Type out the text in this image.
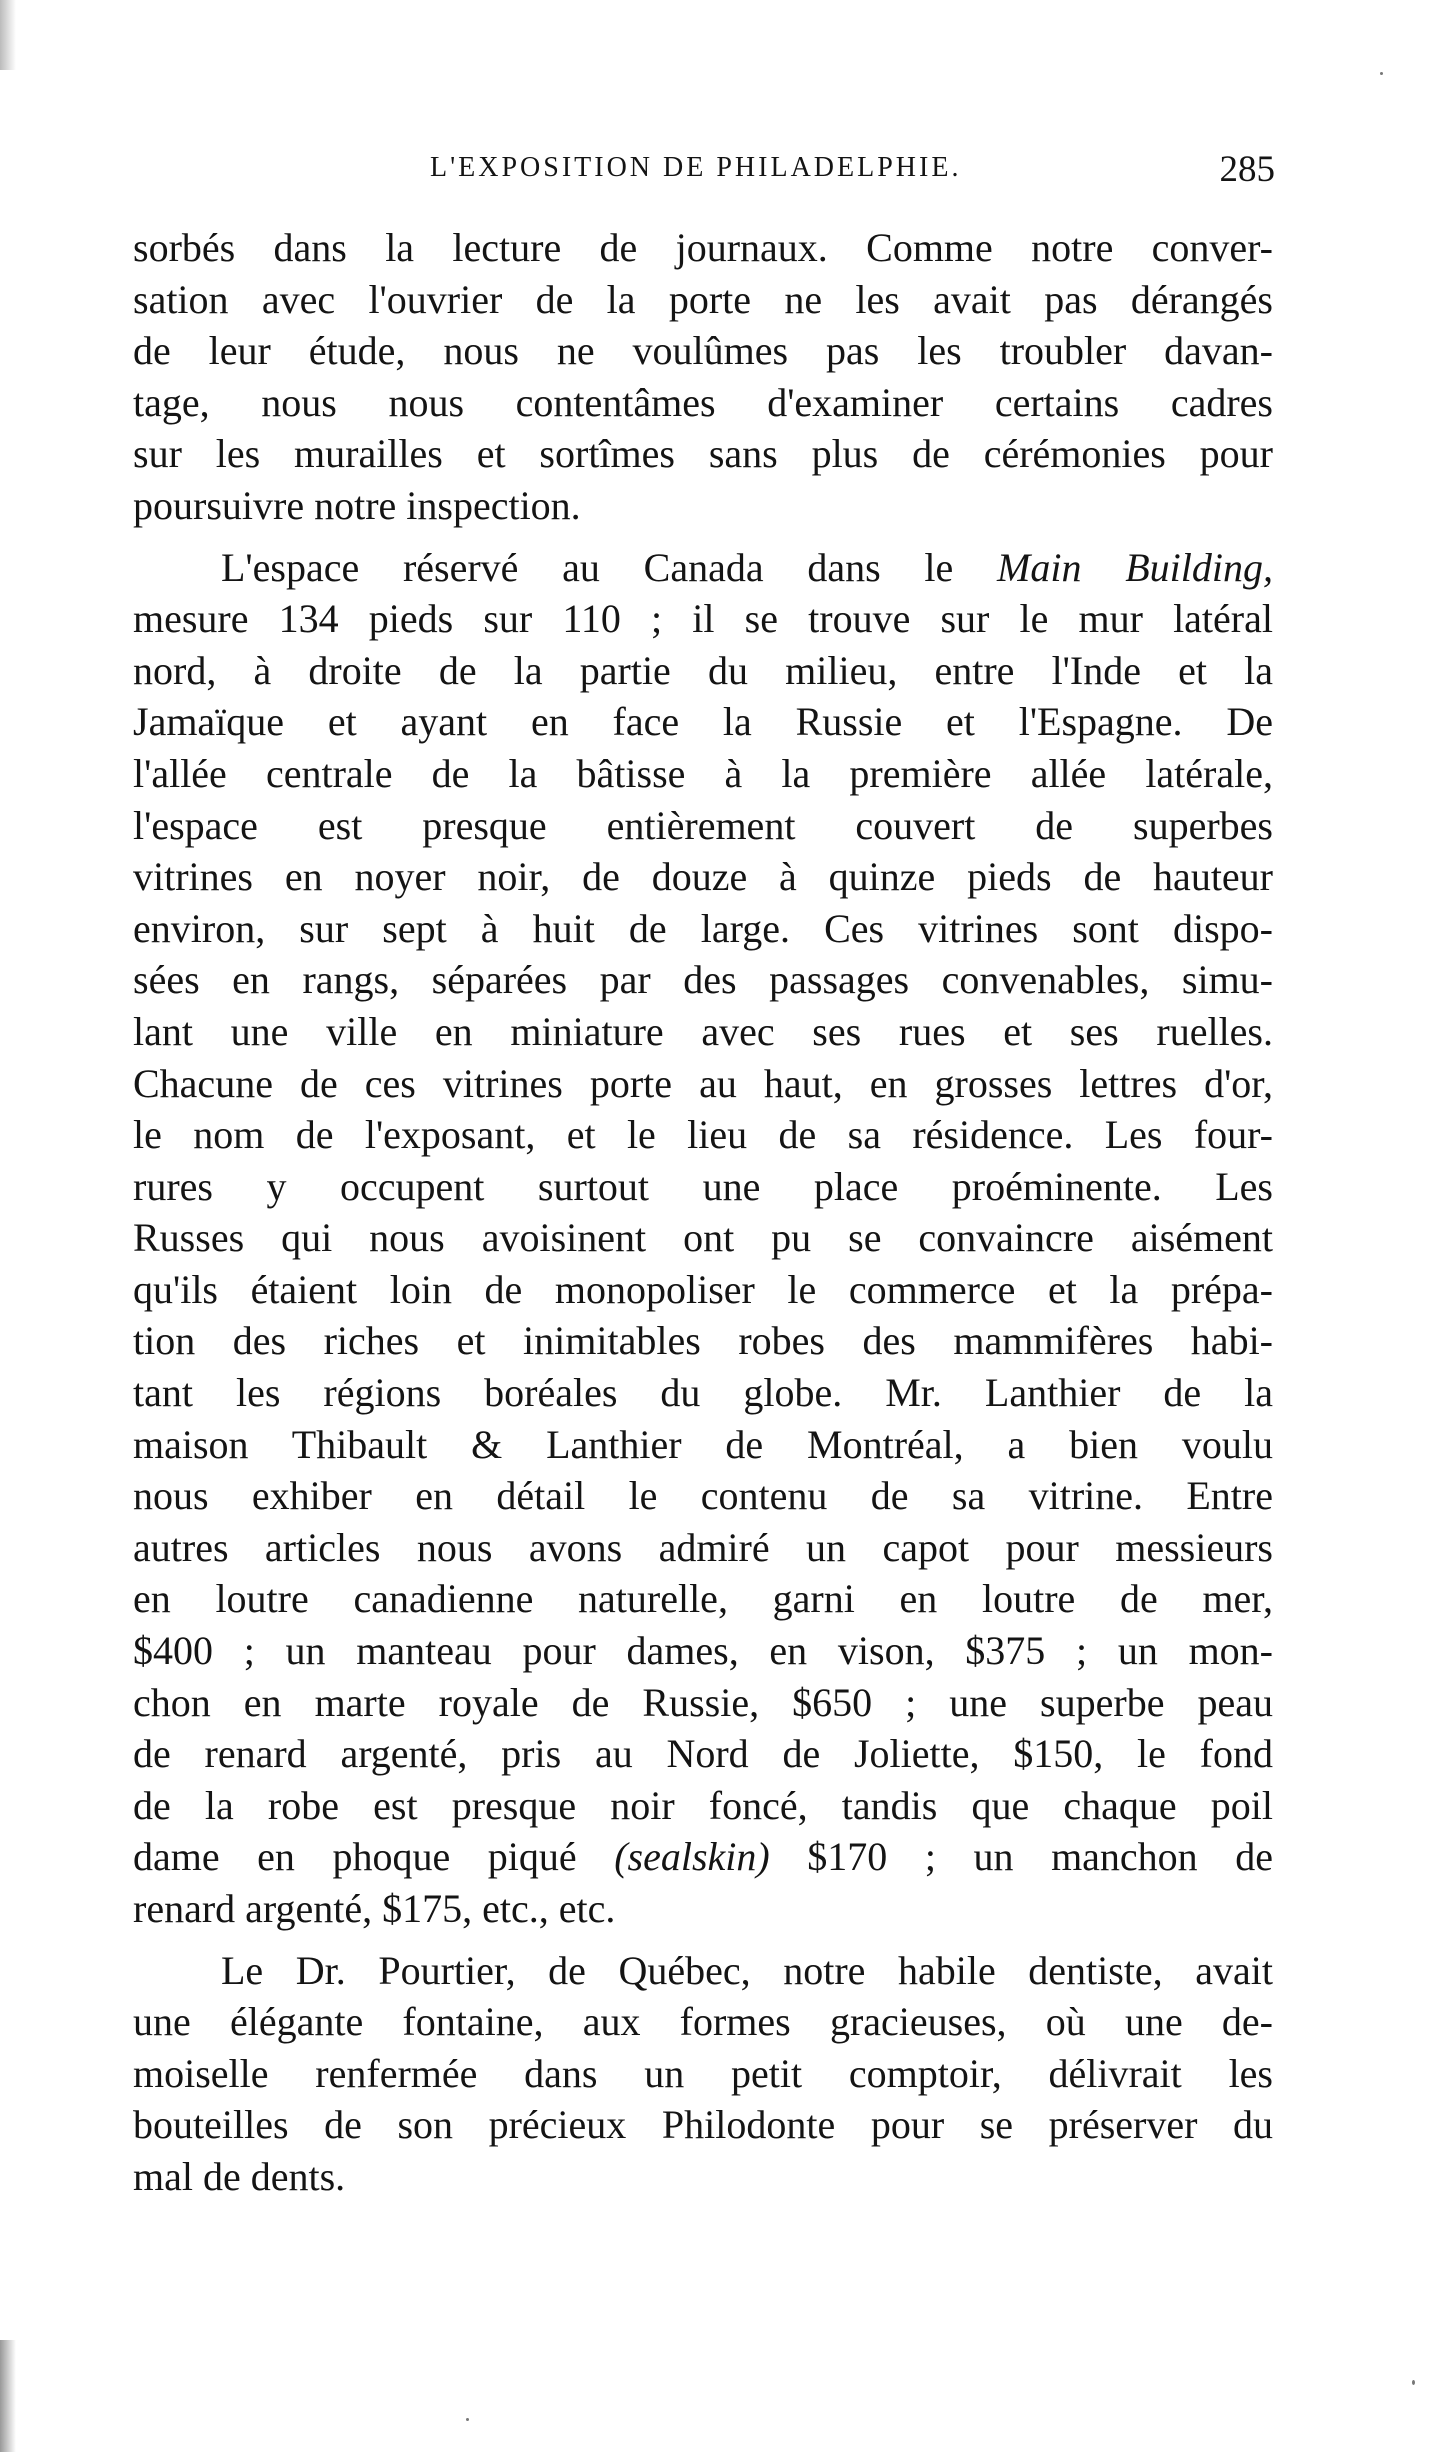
L'EXPOSITION DE PHILADELPHIE.	285
sorbés dans la lecture de journaux. Comme notre conver-
sation avec l'ouvrier de la porte ne les avait pas dérangés
de leur étude, nous ne voulûmes pas les troubler davan-
tage, nous nous contentâmes d'examiner certains cadres
sur les murailles et sortîmes sans plus de cérémonies pour
poursuivre notre inspection.
L'espace réservé au Canada dans le Main Building,
mesure 134 pieds sur 110 ; il se trouve sur le mur latéral
nord, à droite de la partie du milieu, entre l'Inde et la
Jamaïque et ayant en face la Russie et l'Espagne. De
l'allée centrale de la bâtisse à la première allée latérale,
l'espace est presque entièrement couvert de superbes
vitrines en noyer noir, de douze à quinze pieds de hauteur
environ, sur sept à huit de large. Ces vitrines sont dispo-
sées en rangs, séparées par des passages convenables, simu-
lant une ville en miniature avec ses rues et ses ruelles.
Chacune de ces vitrines porte au haut, en grosses lettres d'or,
le nom de l'exposant, et le lieu de sa résidence. Les four-
rures y occupent surtout une place proéminente. Les
Russes qui nous avoisinent ont pu se convaincre aisément
qu'ils étaient loin de monopoliser le commerce et la prépa-
tion des riches et inimitables robes des mammifères habi-
tant les régions boréales du globe. Mr. Lanthier de la
maison Thibault & Lanthier de Montréal, a bien voulu
nous exhiber en détail le contenu de sa vitrine. Entre
autres articles nous avons admiré un capot pour messieurs
en loutre canadienne naturelle, garni en loutre de mer,
$400 ; un manteau pour dames, en vison, $375 ; un mon-
chon en marte royale de Russie, $650 ; une superbe peau
de renard argenté, pris au Nord de Joliette, $150, le fond
de la robe est presque noir foncé, tandis que chaque poil
dame en phoque piqué (sealskin) $170 ; un manchon de
renard argenté, $175, etc., etc.
Le Dr. Pourtier, de Québec, notre habile dentiste, avait
une élégante fontaine, aux formes gracieuses, où une de-
moiselle renfermée dans un petit comptoir, délivrait les
bouteilles de son précieux Philodonte pour se préserver du
mal de dents.
